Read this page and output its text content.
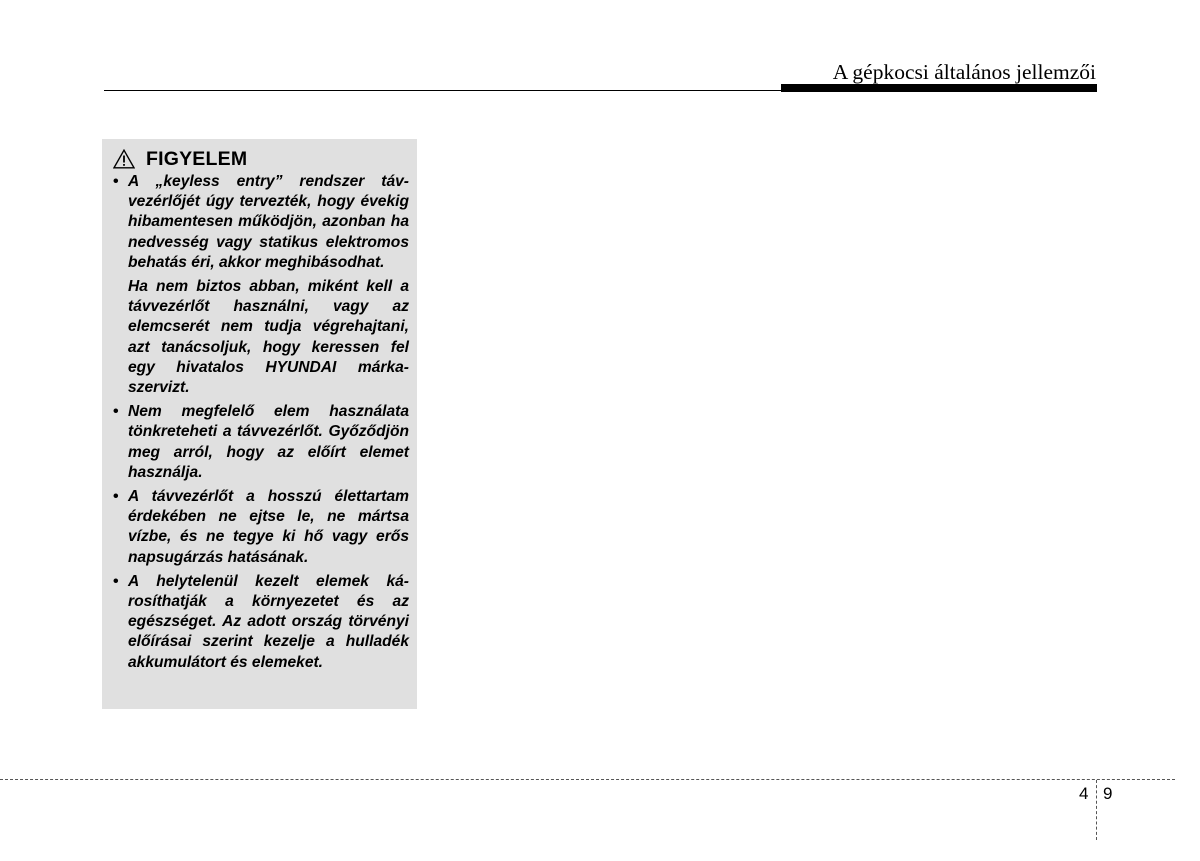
A gépkocsi általános jellemzői
FIGYELEM
• A „keyless entry” rendszer távvezérlőjét úgy tervezték, hogy évekig hibamentesen működjön, azonban ha nedvesség vagy statikus elektromos behatás éri, akkor meghibásodhat.

Ha nem biztos abban, miként kell a távvezérlőt használni, vagy az elemcserét nem tudja végrehajtani, azt tanácsoljuk, hogy keressen fel egy hivatalos HYUNDAI márkaszervizt.

• Nem megfelelő elem használata tönkreteheti a távvezérlőt. Győződjön meg arról, hogy az előírt elemet használja.

• A távvezérlőt a hosszú élettartam érdekében ne ejtse le, ne mártsa vízbe, és ne tegye ki hő vagy erős napsugárzás hatásának.

• A helytelenül kezelt elemek károsíthatják a környezetet és az egészséget. Az adott ország törvényi előírásai szerint kezelje a hulladék akkumulátort és elemeket.

4 9
